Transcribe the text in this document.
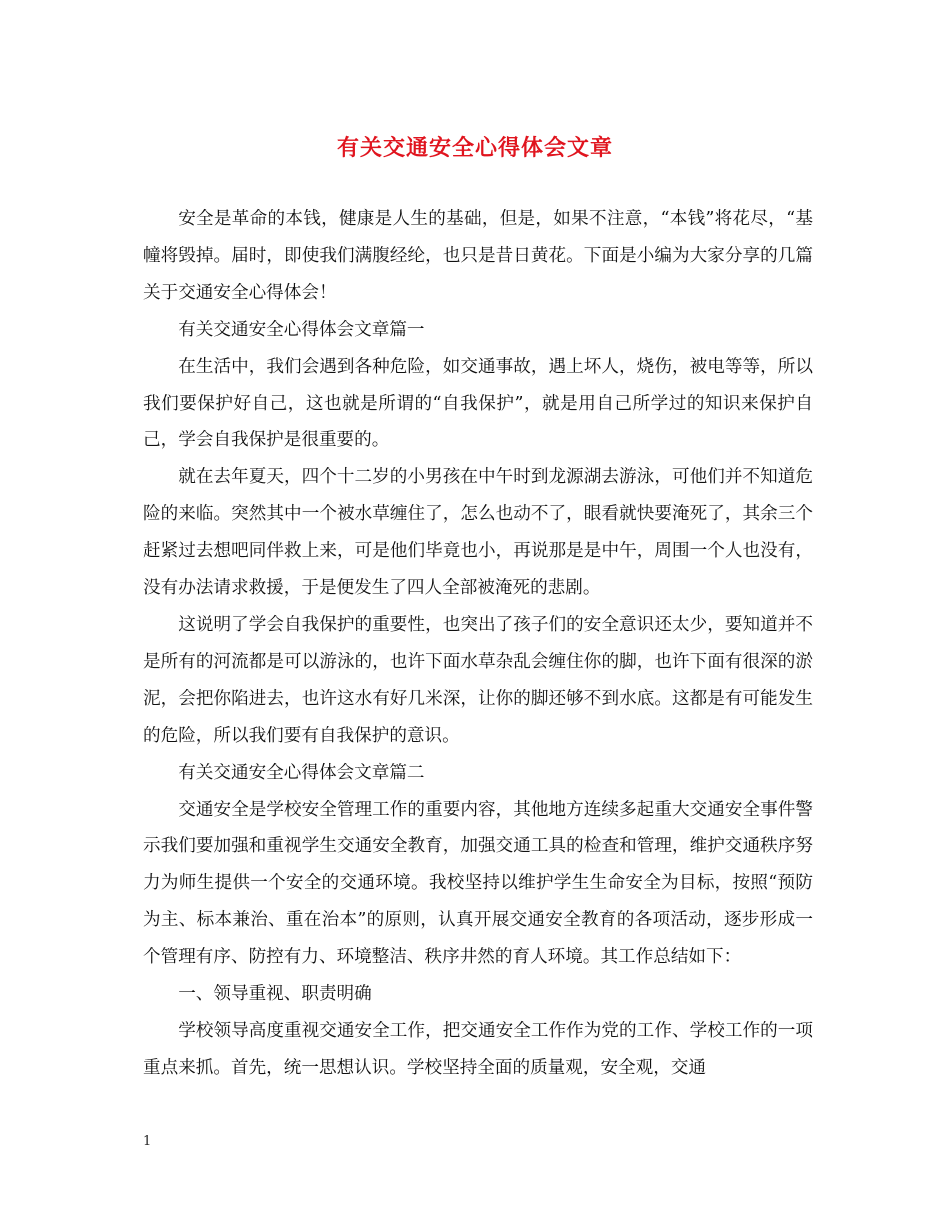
有关交通安全心得体会文章

安全是革命的本钱，健康是人生的基础，但是，如果不注意，“本钱”将花尽，“基幢将毁掉。届时，即使我们满腹经纶，也只是昔日黄花。下面是小编为大家分享的几篇关于交通安全心得体会！

有关交通安全心得体会文章篇一

在生活中，我们会遇到各种危险，如交通事故，遇上坏人，烧伤，被电等等，所以我们要保护好自己，这也就是所谓的“自我保护”，就是用自己所学过的知识来保护自己，学会自我保护是很重要的。

就在去年夏天，四个十二岁的小男孩在中午时到龙源湖去游泳，可他们并不知道危险的来临。突然其中一个被水草缠住了，怎么也动不了，眼看就快要淹死了，其余三个赶紧过去想吧同伴救上来，可是他们毕竟也小，再说那是是中午，周围一个人也没有，没有办法请求救援，于是便发生了四人全部被淹死的悲剧。

这说明了学会自我保护的重要性，也突出了孩子们的安全意识还太少，要知道并不是所有的河流都是可以游泳的，也许下面水草杂乱会缠住你的脚，也许下面有很深的淤泥，会把你陷进去，也许这水有好几米深，让你的脚还够不到水底。这都是有可能发生的危险，所以我们要有自我保护的意识。

有关交通安全心得体会文章篇二

交通安全是学校安全管理工作的重要内容，其他地方连续多起重大交通安全事件警示我们要加强和重视学生交通安全教育，加强交通工具的检查和管理，维护交通秩序努力为师生提供一个安全的交通环境。我校坚持以维护学生生命安全为目标，按照“预防为主、标本兼治、重在治本”的原则，认真开展交通安全教育的各项活动，逐步形成一个管理有序、防控有力、环境整洁、秩序井然的育人环境。其工作总结如下：

一、领导重视、职责明确

学校领导高度重视交通安全工作，把交通安全工作作为党的工作、学校工作的一项重点来抓。首先，统一思想认识。学校坚持全面的质量观，安全观，交通

1
